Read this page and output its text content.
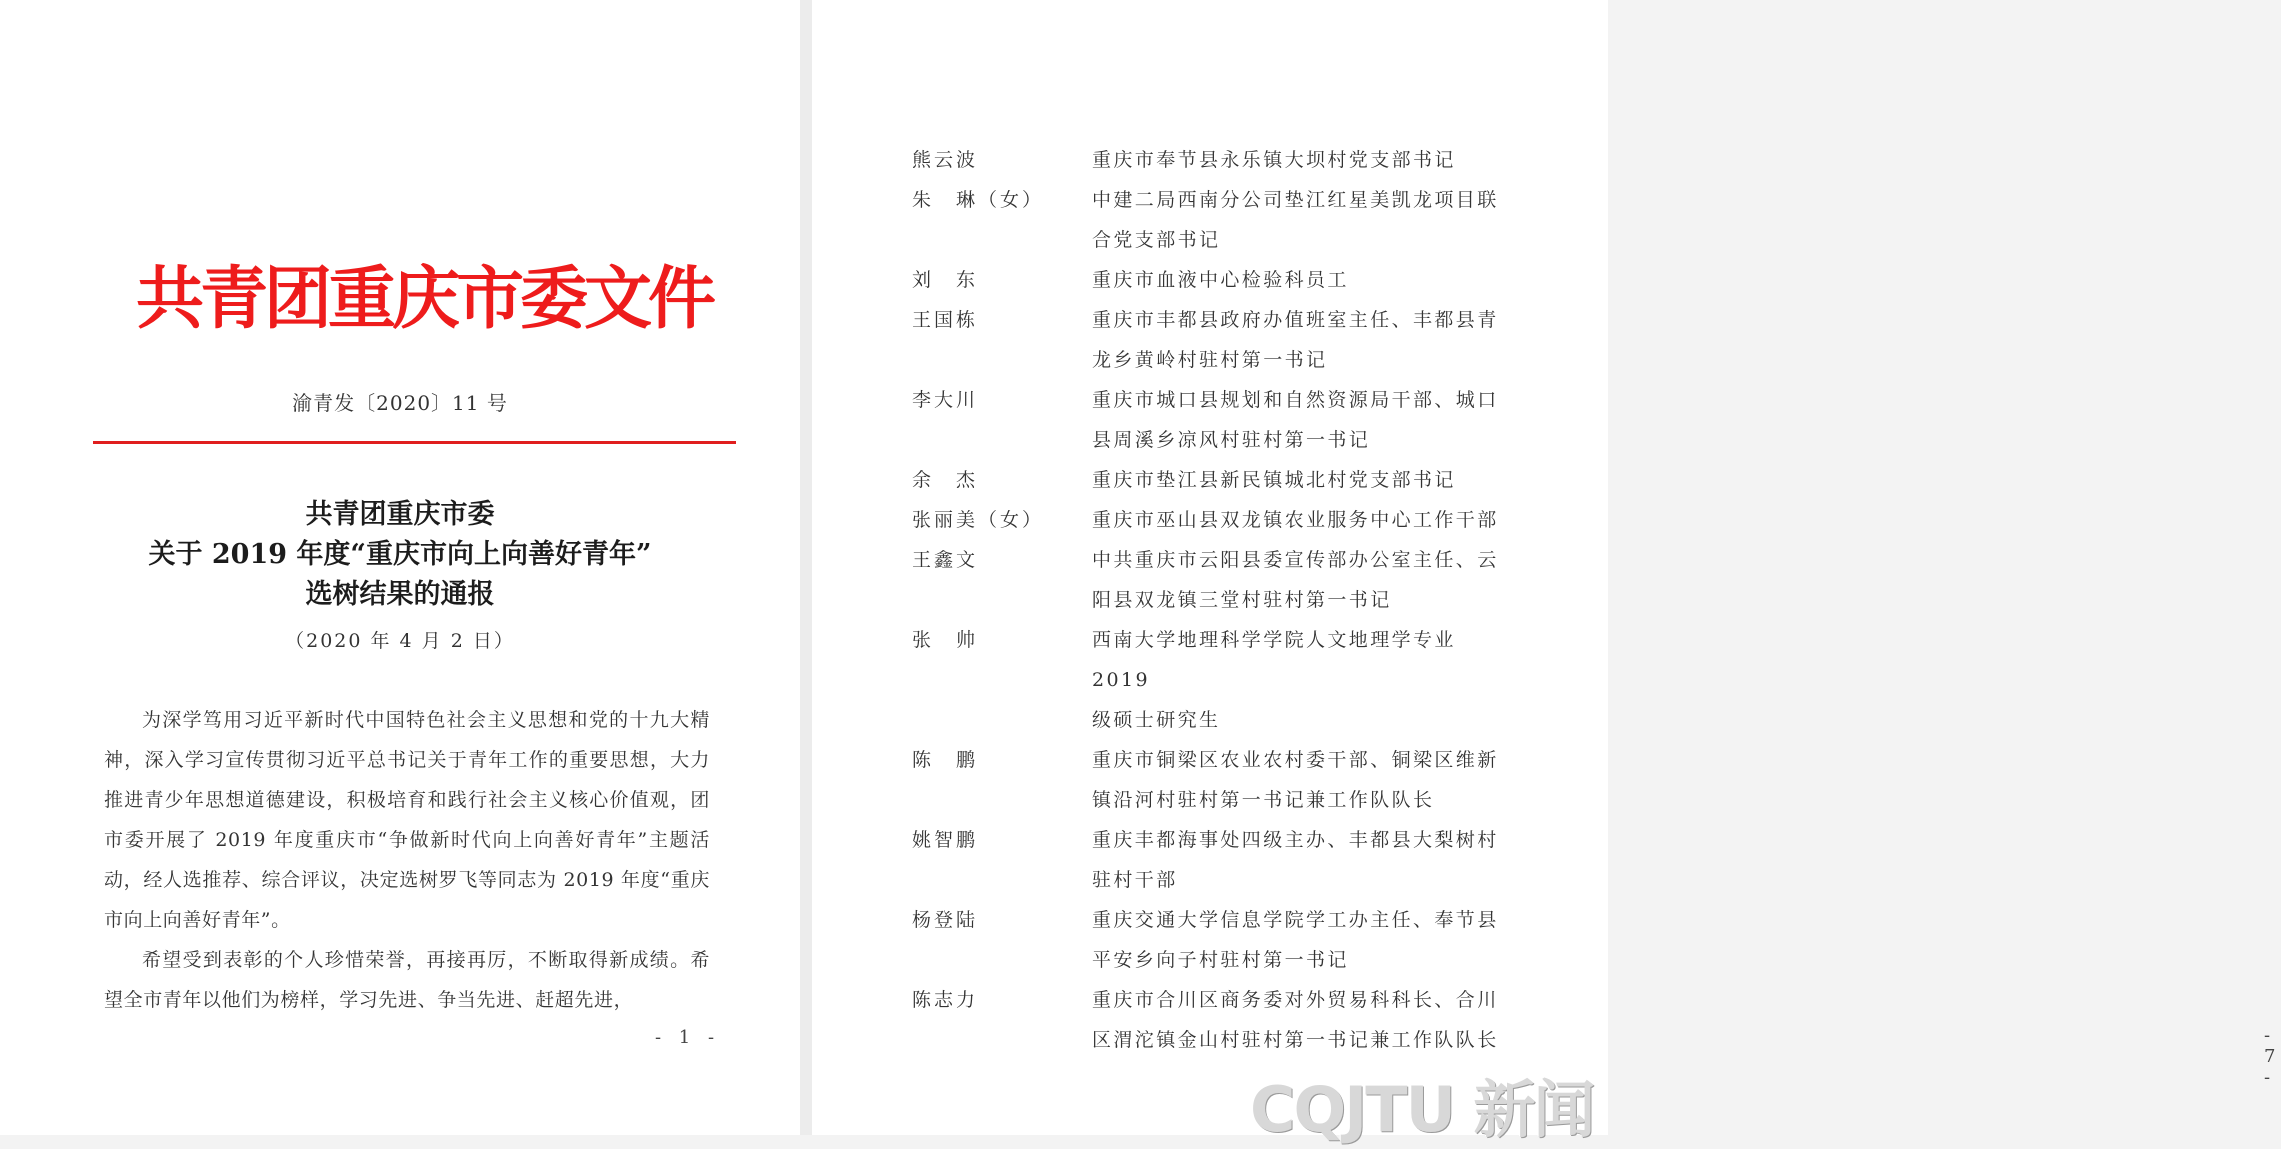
共青团重庆市委文件
渝青发〔2020〕11 号
共青团重庆市委
关于 2019 年度“重庆市向上向善好青年”
选树结果的通报
（2020 年 4 月 2 日）

为深学笃用习近平新时代中国特色社会主义思想和党的十九大精神，深入学习宣传贯彻习近平总书记关于青年工作的重要思想，大力推进青少年思想道德建设，积极培育和践行社会主义核心价值观，团市委开展了 2019 年度重庆市“争做新时代向上向善好青年”主题活动，经人选推荐、综合评议，决定选树罗飞等同志为 2019 年度“重庆市向上向善好青年”。

希望受到表彰的个人珍惜荣誉，再接再厉，不断取得新成绩。希望全市青年以他们为榜样，学习先进、争当先进、赶超先进，

- 1 -	- 7 -
熊云波	重庆市奉节县永乐镇大坝村党支部书记
朱　琳（女）	中建二局西南分公司垫江红星美凯龙项目联
合党支部书记
刘　东	重庆市血液中心检验科员工
王国栋	重庆市丰都县政府办值班室主任、丰都县青
龙乡黄岭村驻村第一书记
李大川	重庆市城口县规划和自然资源局干部、城口
县周溪乡凉风村驻村第一书记
余　杰	重庆市垫江县新民镇城北村党支部书记
张丽美（女）	重庆市巫山县双龙镇农业服务中心工作干部
王鑫文	中共重庆市云阳县委宣传部办公室主任、云
阳县双龙镇三堂村驻村第一书记
张　帅	西南大学地理科学学院人文地理学专业 2019
级硕士研究生
陈　鹏	重庆市铜梁区农业农村委干部、铜梁区维新
镇沿河村驻村第一书记兼工作队队长
姚智鹏	重庆丰都海事处四级主办、丰都县大梨树村
驻村干部
杨登陆	重庆交通大学信息学院学工办主任、奉节县
平安乡向子村驻村第一书记
陈志力	重庆市合川区商务委对外贸易科科长、合川
区渭沱镇金山村驻村第一书记兼工作队队长
CQJTU 新闻
